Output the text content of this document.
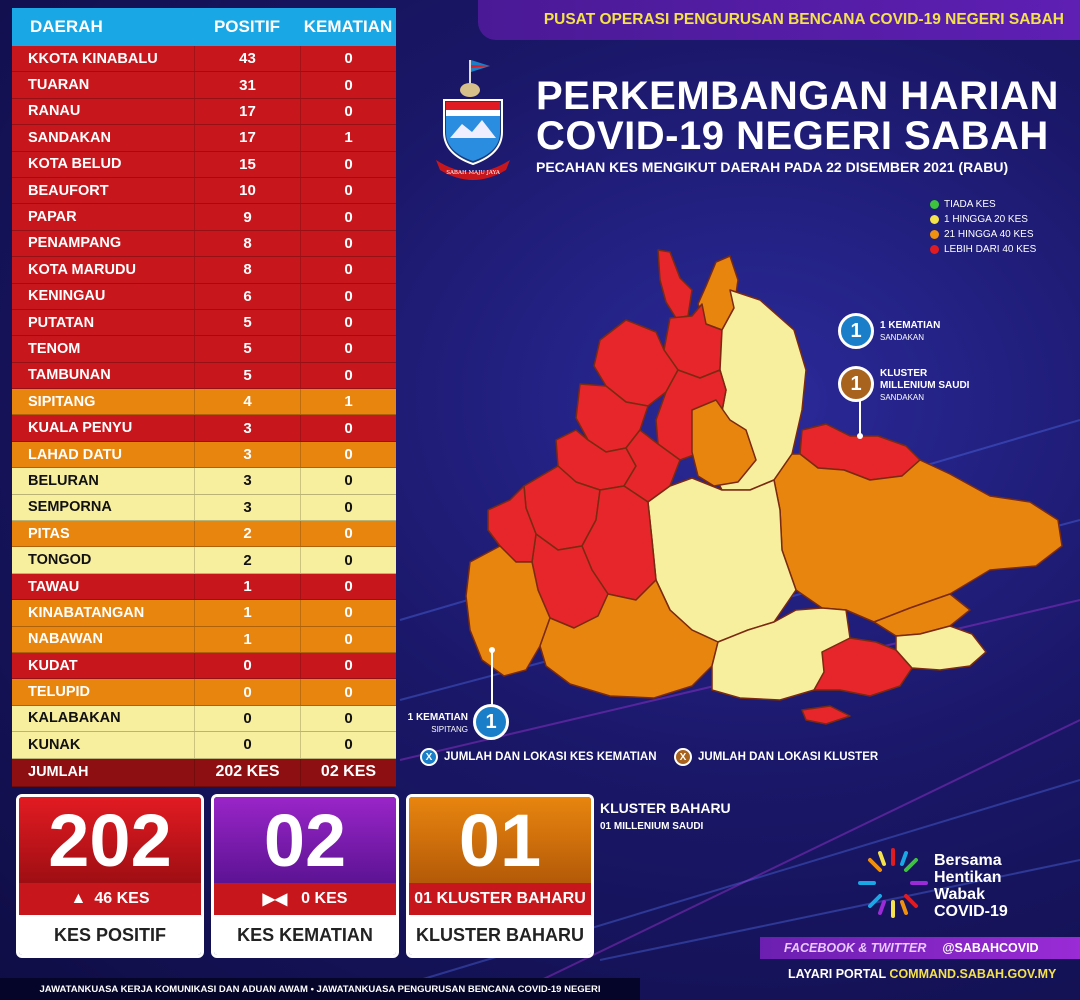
DAERAH	POSITIF	KEMATIAN
KKOTA KINABALU	43	0
TUARAN	31	0
RANAU	17	0
SANDAKAN	17	1
KOTA BELUD	15	0
BEAUFORT	10	0
PAPAR	9	0
PENAMPANG	8	0
KOTA MARUDU	8	0
KENINGAU	6	0
PUTATAN	5	0
TENOM	5	0
TAMBUNAN	5	0
SIPITANG	4	1
KUALA PENYU	3	0
LAHAD DATU	3	0
BELURAN	3	0
SEMPORNA	3	0
PITAS	2	0
TONGOD	2	0
TAWAU	1	0
KINABATANGAN	1	0
NABAWAN	1	0
KUDAT	0	0
TELUPID	0	0
KALABAKAN	0	0
KUNAK	0	0
JUMLAH	202 KES	02 KES
PUSAT OPERASI PENGURUSAN BENCANA COVID-19 NEGERI SABAH
SABAH MAJU JAYA
PERKEMBANGAN HARIAN
COVID-19 NEGERI SABAH
PECAHAN KES MENGIKUT DAERAH PADA 22 DISEMBER 2021 (RABU)
TIADA KES
1 HINGGA 20 KES
21 HINGGA 40 KES
LEBIH DARI 40 KES
1 1 KEMATIAN
SANDAKAN
1 KLUSTER
MILLENIUM SAUDI
SANDAKAN
1
1 KEMATIAN
SIPITANG
X	JUMLAH DAN LOKASI KES KEMATIAN	X	JUMLAH DAN LOKASI KLUSTER
202
▲ 46 KES
KES POSITIF
02
▶◀ 0 KES
KES KEMATIAN
01
01 KLUSTER BAHARU
KLUSTER BAHARU
KLUSTER BAHARU
01 MILLENIUM SAUDI
Bersama
Hentikan
Wabak
COVID-19
FACEBOOK & TWITTER @SABAHCOVID
LAYARI PORTAL COMMAND.SABAH.GOV.MY
JAWATANKUASA KERJA KOMUNIKASI DAN ADUAN AWAM • JAWATANKUASA PENGURUSAN BENCANA COVID-19 NEGERI
